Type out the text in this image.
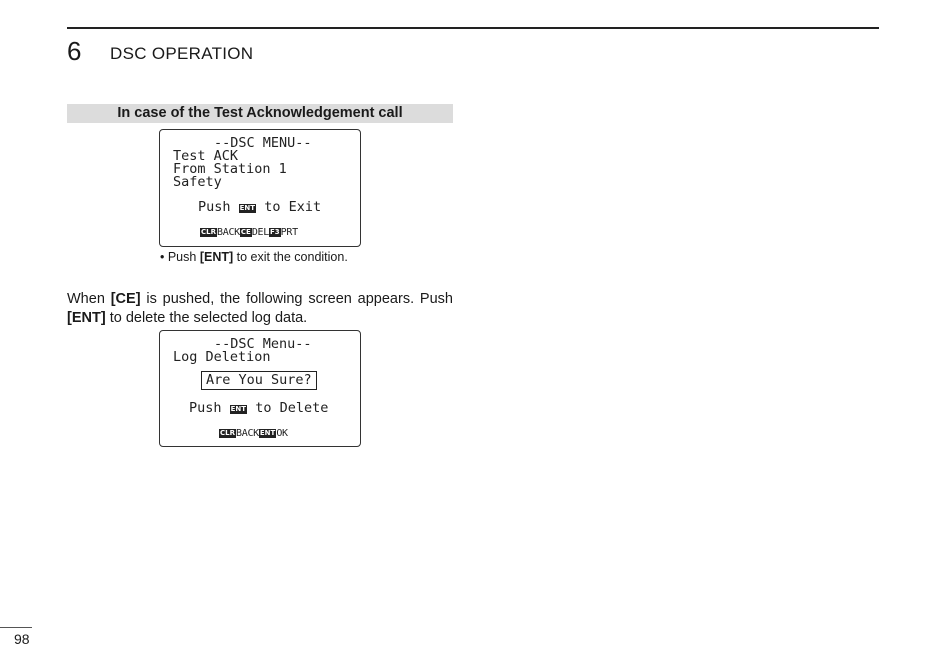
6 DSC OPERATION
In case of the Test Acknowledgement call
--DSC MENU--
Test ACK
From Station 1
Safety
Push ENT to Exit
CLRBACKCEDELF3PRT
• Push [ENT] to exit the condition.
When [CE] is pushed, the following screen appears. Push [ENT] to delete the selected log data.
--DSC Menu--
Log Deletion
Are You Sure?
Push ENT to Delete
CLRBACKENTOK
98
